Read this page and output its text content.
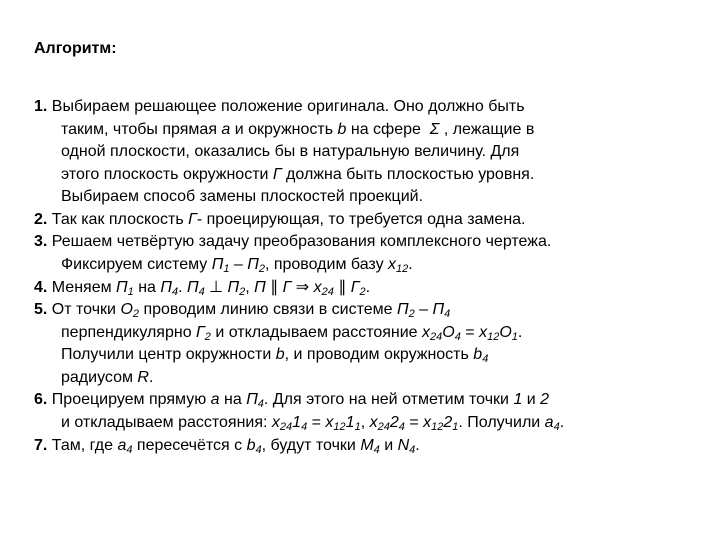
Алгоритм:

1. Выбираем решающее положение оригинала. Оно должно быть
таким, чтобы прямая a и окружность b на сфере  Σ , лежащие в
одной плоскости, оказались бы в натуральную величину. Для
этого плоскость окружности Г должна быть плоскостью уровня.
Выбираем способ замены плоскостей проекций.
2. Так как плоскость Г- проецирующая, то требуется одна замена.
3. Решаем четвёртую задачу преобразования комплексного чертежа.
Фиксируем систему $П_1 - П_2$, проводим базу $x_{12}$.
4. Меняем $П_1$ на $П_4$. $П_4$ ⊥ $П_2$, П ∥ Г ⇒ $x_{24}$ ∥ $Г_2$.
5. От точки $O_2$ проводим линию связи в системе $П_2 - П_4$
перпендикулярно $Г_2$ и откладываем расстояние $x_{24}O_4 = x_{12}O_1$.
Получили центр окружности b, и проводим окружность $b_4$
радиусом R.
6. Проецируем прямую a на $П_4$. Для этого на ней отметим точки 1 и 2
и откладываем расстояния: $x_{24}1_4 = x_{12}1_1$, $x_{24}2_4 = x_{12}2_1$. Получили $a_4$.
7. Там, где $a_4$ пересечётся с $b_4$, будут точки $M_4$ и $N_4$.
